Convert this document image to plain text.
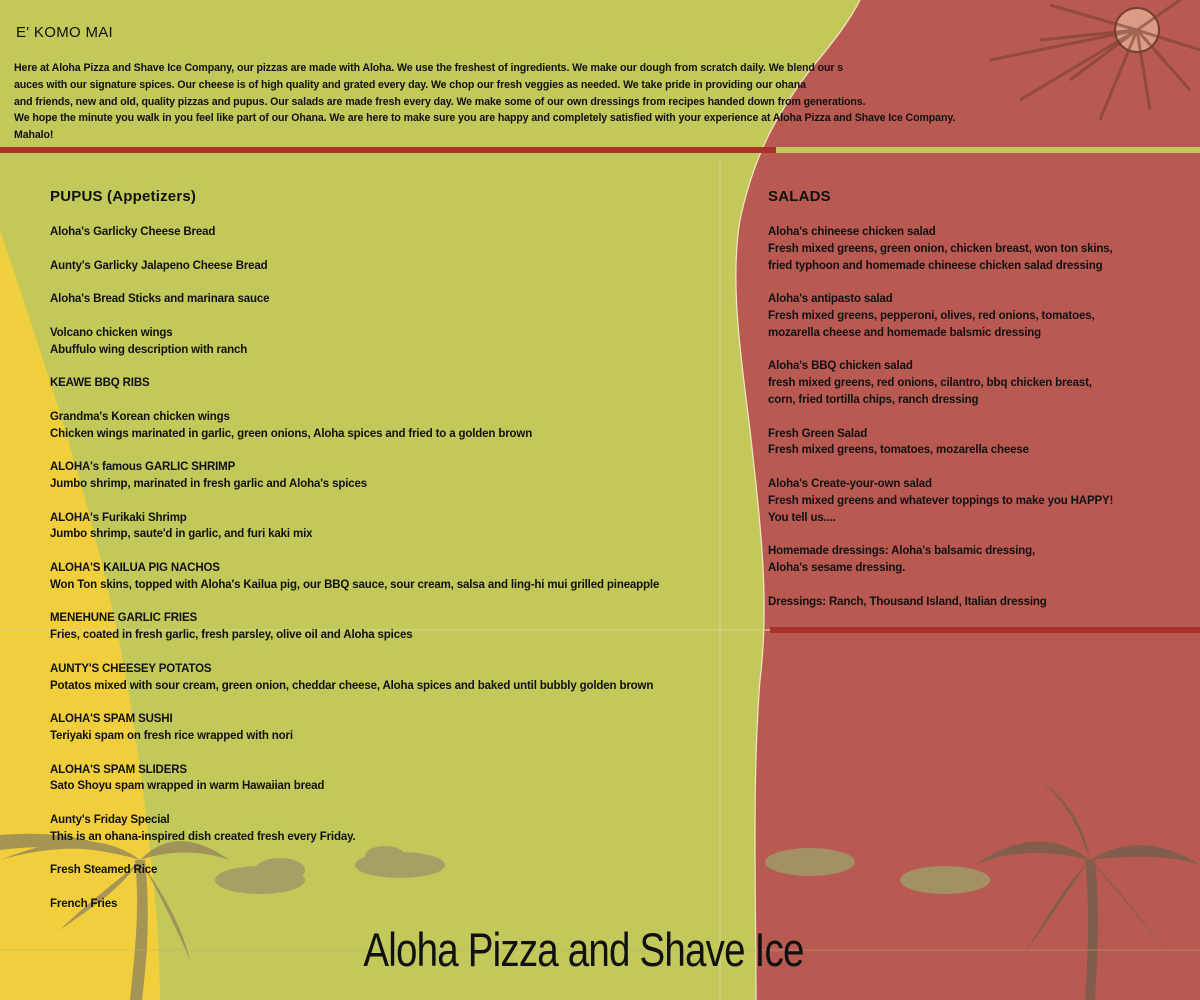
E' KOMO MAI
Here at Aloha Pizza and Shave Ice Company, our pizzas are made with Aloha. We use the freshest of ingredients. We make our dough from scratch daily. We blend our s
auces with our signature spices. Our cheese is of high quality and grated every day. We chop our fresh veggies as needed. We take pride in providing our ohana
and friends, new and old, quality pizzas and pupus. Our salads are made fresh every day. We make some of our own dressings from recipes handed down from generations.
We hope the minute you walk in you feel like part of our Ohana. We are here to make sure you are happy and completely satisfied with your experience at Aloha Pizza and Shave Ice Company.
Mahalo!
PUPUS (Appetizers)
Aloha's Garlicky Cheese Bread
Aunty's Garlicky Jalapeno Cheese Bread
Aloha's Bread Sticks and marinara sauce
Volcano chicken wings
Abuffulo wing description with ranch
KEAWE BBQ RIBS
Grandma's Korean chicken wings
Chicken wings marinated in garlic, green onions, Aloha spices and fried to a golden brown
ALOHA's famous GARLIC SHRIMP
Jumbo shrimp, marinated in fresh garlic and Aloha's spices
ALOHA's Furikaki Shrimp
Jumbo shrimp, saute'd in garlic, and furi kaki mix
ALOHA'S KAILUA PIG NACHOS
Won Ton skins, topped with Aloha's Kailua pig, our BBQ sauce, sour cream, salsa and ling-hi mui grilled pineapple
MENEHUNE GARLIC FRIES
Fries, coated in fresh garlic, fresh parsley, olive oil and Aloha spices
AUNTY'S CHEESEY POTATOS
Potatos mixed with sour cream, green onion, cheddar cheese, Aloha spices and baked until bubbly golden brown
ALOHA'S SPAM SUSHI
Teriyaki spam on fresh rice wrapped with nori
ALOHA'S SPAM SLIDERS
Sato Shoyu spam wrapped in warm Hawaiian bread
Aunty's Friday Special
This is an ohana-inspired dish created fresh every Friday.
Fresh Steamed Rice
French Fries
SALADS
Aloha's chineese chicken salad
Fresh mixed greens, green onion, chicken breast, won ton skins,
fried typhoon and homemade chineese chicken salad dressing
Aloha's antipasto salad
Fresh mixed greens, pepperoni, olives, red onions, tomatoes,
mozarella cheese and homemade balsmic dressing
Aloha's BBQ chicken salad
fresh mixed greens, red onions, cilantro, bbq chicken breast,
corn, fried tortilla chips, ranch dressing
Fresh Green Salad
Fresh mixed greens, tomatoes, mozarella cheese
Aloha's Create-your-own salad
Fresh mixed greens and whatever toppings to make you HAPPY!
You tell us....
Homemade dressings: Aloha's balsamic dressing,
Aloha's sesame dressing.
Dressings: Ranch, Thousand Island, Italian dressing
Aloha Pizza and Shave Ice
